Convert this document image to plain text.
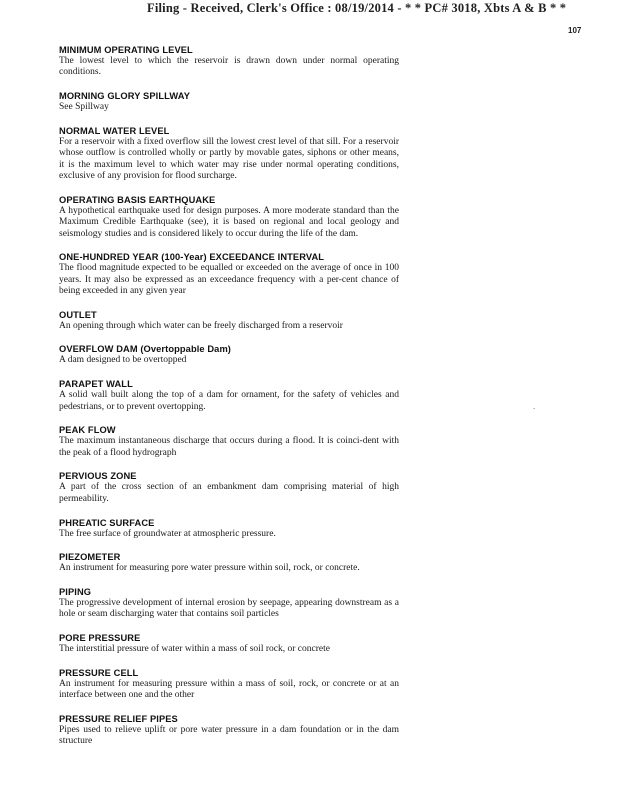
Filing - Received, Clerk's Office : 08/19/2014 - * * PC# 3018, Xbts A & B * *
107
.
MINIMUM OPERATING LEVEL
The lowest level to which the reservoir is drawn down under normal operating conditions.
MORNING GLORY SPILLWAY
See Spillway
NORMAL WATER LEVEL
For a reservoir with a fixed overflow sill the lowest crest level of that sill. For a reservoir whose outflow is controlled wholly or partly by movable gates, siphons or other means, it is the maximum level to which water may rise under normal operating conditions, exclusive of any provision for flood surcharge.
OPERATING BASIS EARTHQUAKE
A hypothetical earthquake used for design purposes. A more moderate standard than the Maximum Credible Earthquake (see), it is based on regional and local geology and seismology studies and is considered likely to occur during the life of the dam.
ONE-HUNDRED YEAR (100-Year) EXCEEDANCE INTERVAL
The flood magnitude expected to be equalled or exceeded on the average of once in 100 years. It may also be expressed as an exceedance frequency with a per-cent chance of being exceeded in any given year
OUTLET
An opening through which water can be freely discharged from a reservoir
OVERFLOW DAM (Overtoppable Dam)
A dam designed to be overtopped
PARAPET WALL
A solid wall built along the top of a dam for ornament, for the safety of vehicles and pedestrians, or to prevent overtopping.
PEAK FLOW
The maximum instantaneous discharge that occurs during a flood. It is coinci-dent with the peak of a flood hydrograph
PERVIOUS ZONE
A part of the cross section of an embankment dam comprising material of high permeability.
PHREATIC SURFACE
The free surface of groundwater at atmospheric pressure.
PIEZOMETER
An instrument for measuring pore water pressure within soil, rock, or concrete.
PIPING
The progressive development of internal erosion by seepage, appearing downstream as a hole or seam discharging water that contains soil particles
PORE PRESSURE
The interstitial pressure of water within a mass of soil rock, or concrete
PRESSURE CELL
An instrument for measuring pressure within a mass of soil, rock, or concrete or at an interface between one and the other
PRESSURE RELIEF PIPES
Pipes used to relieve uplift or pore water pressure in a dam foundation or in the dam structure
